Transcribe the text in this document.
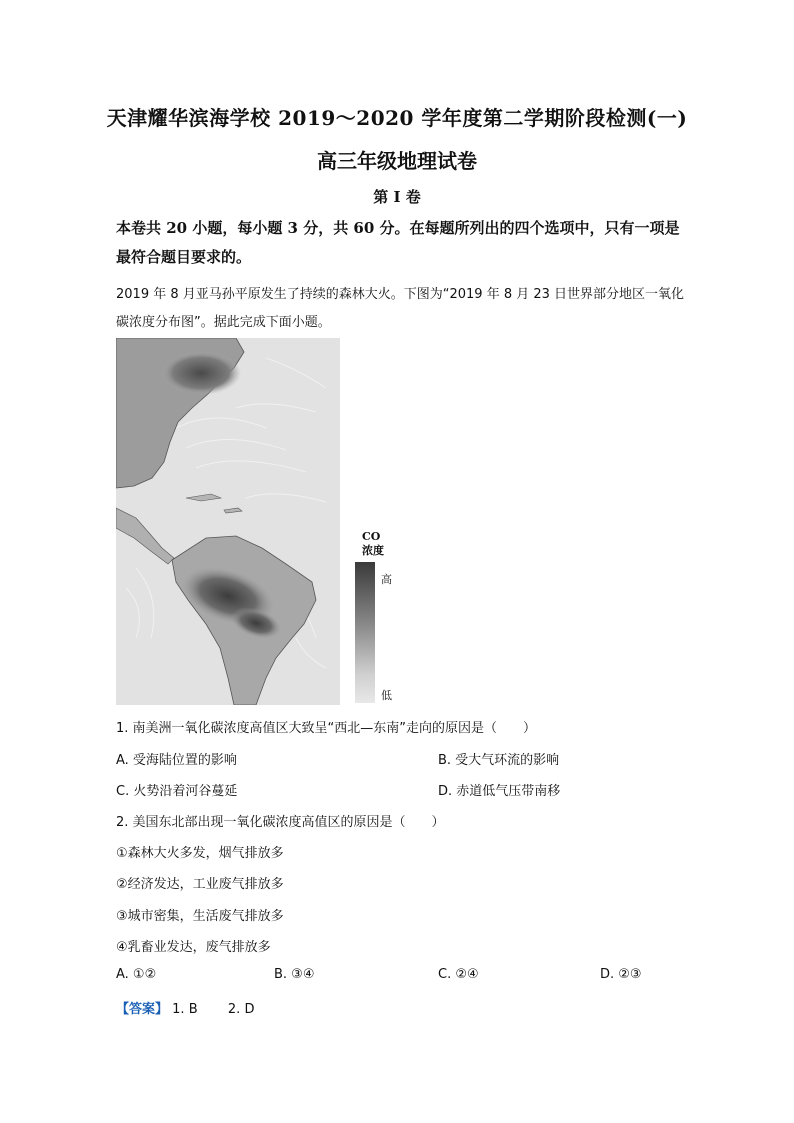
天津耀华滨海学校 2019～2020 学年度第二学期阶段检测(一)
高三年级地理试卷
第 I 卷
本卷共 20 小题，每小题 3 分，共 60 分。在每题所列出的四个选项中，只有一项是最符合题目要求的。
2019 年 8 月亚马孙平原发生了持续的森林大火。下图为“2019 年 8 月 23 日世界部分地区一氧化碳浓度分布图”。据此完成下面小题。
CO
浓度
高
低
1. 南美洲一氧化碳浓度高值区大致呈“西北—东南”走向的原因是（　　）
A. 受海陆位置的影响	B. 受大气环流的影响
C. 火势沿着河谷蔓延	D. 赤道低气压带南移
2. 美国东北部出现一氧化碳浓度高值区的原因是（　　）
①森林大火多发，烟气排放多
②经济发达，工业废气排放多
③城市密集，生活废气排放多
④乳畜业发达，废气排放多
A. ①②	B. ③④	C. ②④	D. ②③
【答案】 1. B 2. D
